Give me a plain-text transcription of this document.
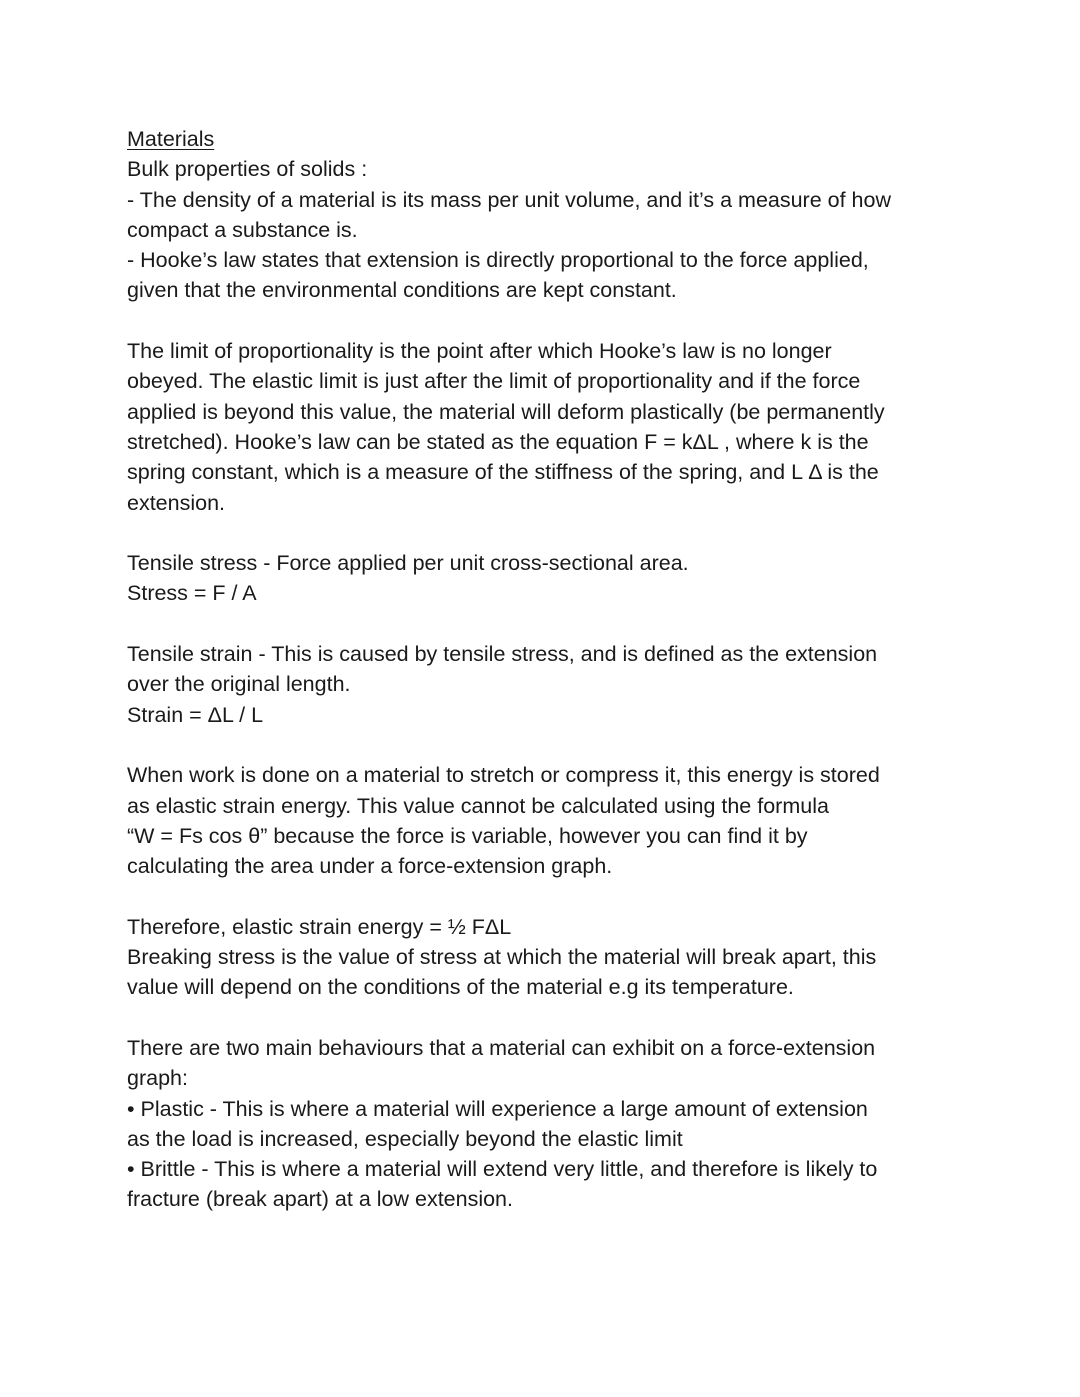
Materials
Bulk properties of solids :
- The density of a material is its mass per unit volume, and it’s a measure of how
compact a substance is.
- Hooke’s law states that extension is directly proportional to the force applied,
given that the environmental conditions are kept constant.
The limit of proportionality is the point after which Hooke’s law is no longer
obeyed. The elastic limit is just after the limit of proportionality and if the force
applied is beyond this value, the material will deform plastically (be permanently
stretched). Hooke’s law can be stated as the equation F = kΔL , where k is the
spring constant, which is a measure of the stiffness of the spring, and L Δ is the
extension.
Tensile stress - Force applied per unit cross-sectional area.
Stress = F / A
Tensile strain - This is caused by tensile stress, and is defined as the extension
over the original length.
Strain = ΔL / L
When work is done on a material to stretch or compress it, this energy is stored
as elastic strain energy. This value cannot be calculated using the formula
“W = Fs cos θ” because the force is variable, however you can find it by
calculating the area under a force-extension graph.
Therefore, elastic strain energy = ½ FΔL
Breaking stress is the value of stress at which the material will break apart, this
value will depend on the conditions of the material e.g its temperature.
There are two main behaviours that a material can exhibit on a force-extension
graph:
• Plastic - This is where a material will experience a large amount of extension
as the load is increased, especially beyond the elastic limit
• Brittle - This is where a material will extend very little, and therefore is likely to
fracture (break apart) at a low extension.
